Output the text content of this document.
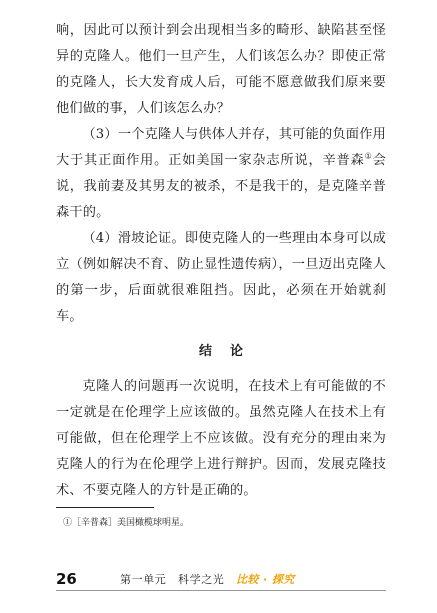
响，因此可以预计到会出现相当多的畸形、缺陷甚至怪异的克隆人。他们一旦产生，人们该怎么办？即使正常的克隆人，长大发育成人后，可能不愿意做我们原来要他们做的事，人们该怎么办？

（3）一个克隆人与供体人并存，其可能的负面作用大于其正面作用。正如美国一家杂志所说，辛普森①会说，我前妻及其男友的被杀，不是我干的，是克隆辛普森干的。

（4）滑坡论证。即使克隆人的一些理由本身可以成立（例如解决不育、防止显性遗传病），一旦迈出克隆人的第一步，后面就很难阻挡。因此，必须在开始就刹车。

结论

克隆人的问题再一次说明，在技术上有可能做的不一定就是在伦理学上应该做的。虽然克隆人在技术上有可能做，但在伦理学上不应该做。没有充分的理由来为克隆人的行为在伦理学上进行辩护。因而，发展克隆技术、不要克隆人的方针是正确的。

①［辛普森］美国橄榄球明星。
26	第一单元　科学之光 比较 · 探究
